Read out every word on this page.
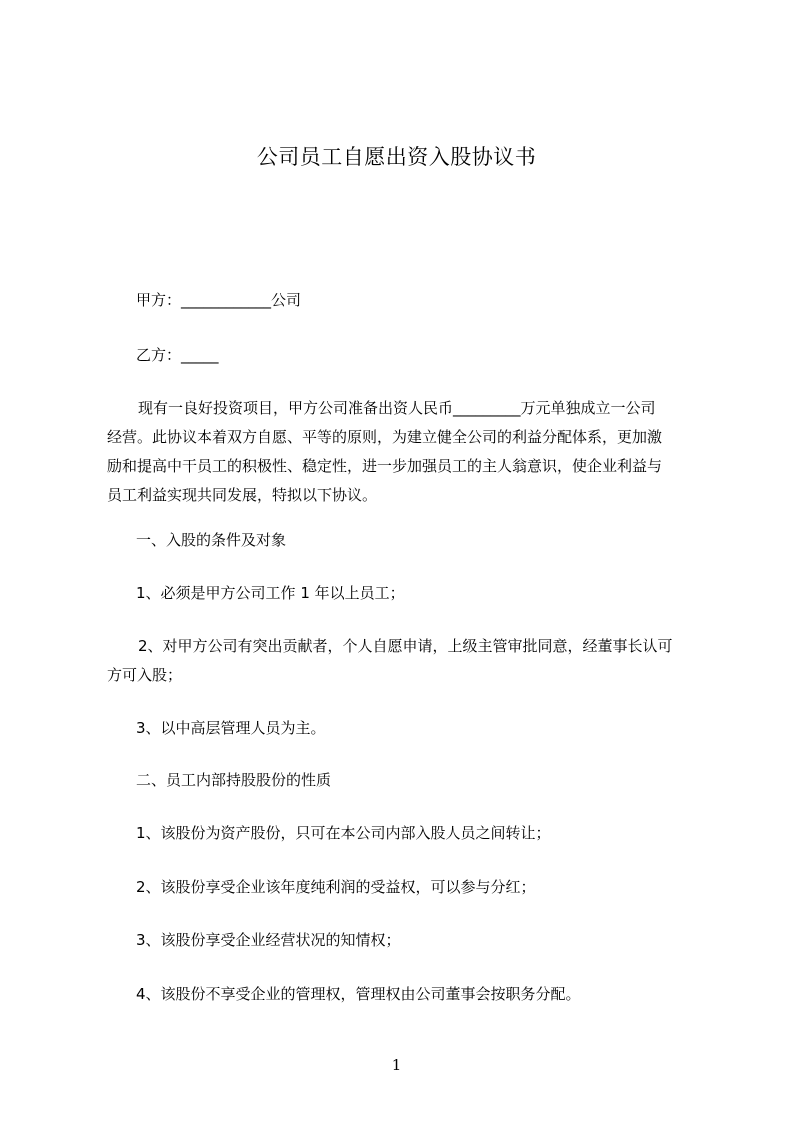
公司员工自愿出资入股协议书
甲方：____________公司
乙方：_____
现有一良好投资项目，甲方公司准备出资人民币_________万元单独成立一公司
经营。此协议本着双方自愿、平等的原则，为建立健全公司的利益分配体系，更加激
励和提高中干员工的积极性、稳定性，进一步加强员工的主人翁意识，使企业利益与
员工利益实现共同发展，特拟以下协议。
一、入股的条件及对象
1、必须是甲方公司工作 1 年以上员工；
2、对甲方公司有突出贡献者，个人自愿申请，上级主管审批同意，经董事长认可
方可入股；
3、以中高层管理人员为主。
二、员工内部持股股份的性质
1、该股份为资产股份，只可在本公司内部入股人员之间转让；
2、该股份享受企业该年度纯利润的受益权，可以参与分红；
3、该股份享受企业经营状况的知情权；
4、该股份不享受企业的管理权，管理权由公司董事会按职务分配。
1
